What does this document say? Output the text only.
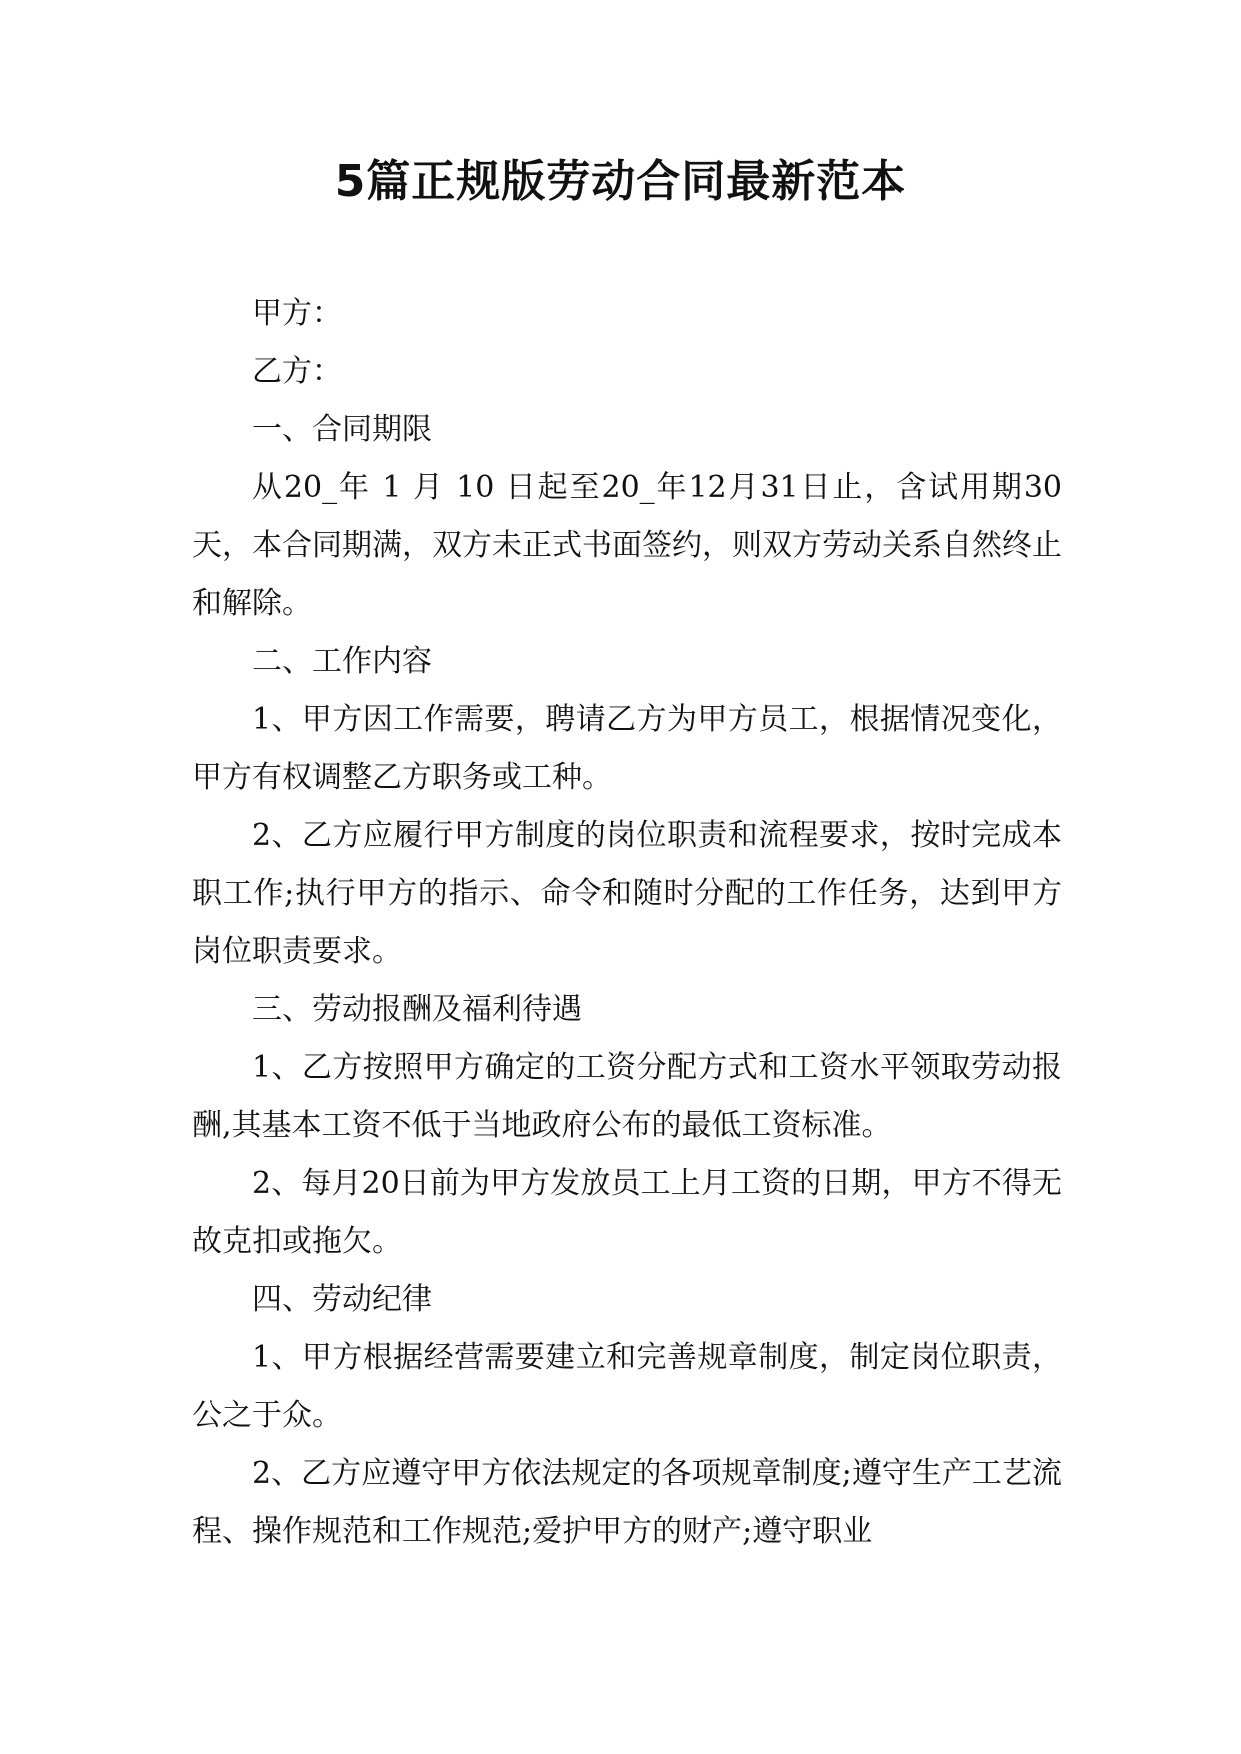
5篇正规版劳动合同最新范本

甲方：

乙方：

一、合同期限

从20_年 1 月 10 日起至20_年12月31日止，含试用期30天，本合同期满，双方未正式书面签约，则双方劳动关系自然终止和解除。

二、工作内容

1、甲方因工作需要，聘请乙方为甲方员工，根据情况变化，甲方有权调整乙方职务或工种。

2、乙方应履行甲方制度的岗位职责和流程要求，按时完成本职工作;执行甲方的指示、命令和随时分配的工作任务，达到甲方岗位职责要求。

三、劳动报酬及福利待遇

1、乙方按照甲方确定的工资分配方式和工资水平领取劳动报酬,其基本工资不低于当地政府公布的最低工资标准。

2、每月20日前为甲方发放员工上月工资的日期，甲方不得无故克扣或拖欠。

四、劳动纪律

1、甲方根据经营需要建立和完善规章制度，制定岗位职责，公之于众。

2、乙方应遵守甲方依法规定的各项规章制度;遵守生产工艺流程、操作规范和工作规范;爱护甲方的财产;遵守职业
